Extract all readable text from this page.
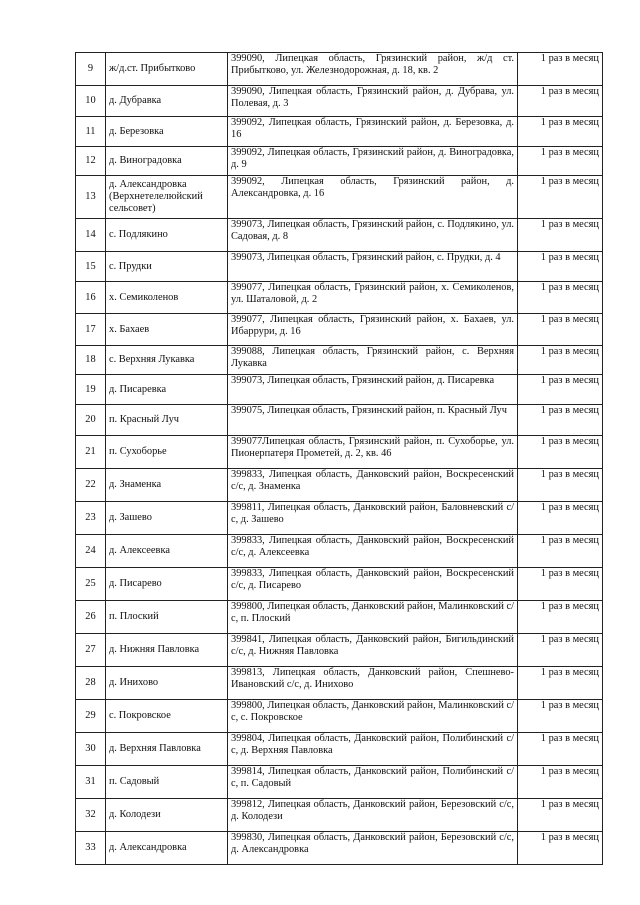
9	ж/д.ст. Прибытково	399090, Липецкая область, Грязинский район, ж/д ст. Прибытково, ул. Железнодорожная, д. 18, кв. 2	1 раз в месяц
10	д. Дубравка	399090, Липецкая область, Грязинский район, д. Дубрава, ул. Полевая, д. 3	1 раз в месяц
11	д. Березовка	399092, Липецкая область, Грязинский район, д. Березовка, д. 16	1 раз в месяц
12	д. Виноградовка	399092, Липецкая область, Грязинский район, д. Виноградовка, д. 9	1 раз в месяц
13	д. Александровка (Верхнетелелюйский сельсовет)	399092, Липецкая область, Грязинский район, д. Александровка, д. 16	1 раз в месяц
14	с. Подлякино	399073, Липецкая область, Грязинский район, с. Подлякино, ул. Садовая, д. 8	1 раз в месяц
15	с. Прудки	399073, Липецкая область, Грязинский район, с. Прудки, д. 4	1 раз в месяц
16	х. Семиколенов	399077, Липецкая область, Грязинский район, х. Семиколенов, ул. Шаталовой, д. 2	1 раз в месяц
17	х. Бахаев	399077, Липецкая область, Грязинский район, х. Бахаев, ул. Ибаррури, д. 16	1 раз в месяц
18	с. Верхняя Лукавка	399088, Липецкая область, Грязинский район, с. Верхняя Лукавка	1 раз в месяц
19	д. Писаревка	399073, Липецкая область, Грязинский район, д. Писаревка	1 раз в месяц
20	п. Красный Луч	399075, Липецкая область, Грязинский район, п. Красный Луч	1 раз в месяц
21	п. Сухоборье	399077Липецкая область, Грязинский район, п. Сухоборье, ул. Пионерпатеря Прометей, д. 2, кв. 46	1 раз в месяц
22	д. Знаменка	399833, Липецкая область, Данковский район, Воскресенский с/с, д. Знаменка	1 раз в месяц
23	д. Зашево	399811, Липецкая область, Данковский район, Баловневский с/с, д. Зашево	1 раз в месяц
24	д. Алексеевка	399833, Липецкая область, Данковский район, Воскресенский с/с, д. Алексеевка	1 раз в месяц
25	д. Писарево	399833, Липецкая область, Данковский район, Воскресенский с/с, д. Писарево	1 раз в месяц
26	п. Плоский	399800, Липецкая область, Данковский район, Малинковский с/с, п. Плоский	1 раз в месяц
27	д. Нижняя Павловка	399841, Липецкая область, Данковский район, Бигильдинский с/с, д. Нижняя Павловка	1 раз в месяц
28	д. Инихово	399813, Липецкая область, Данковский район, Спешнево-Ивановский с/с, д. Инихово	1 раз в месяц
29	с. Покровское	399800, Липецкая область, Данковский район, Малинковский с/с, с. Покровское	1 раз в месяц
30	д. Верхняя Павловка	399804, Липецкая область, Данковский район, Полибинский с/с, д. Верхняя Павловка	1 раз в месяц
31	п. Садовый	399814, Липецкая область, Данковский район, Полибинский с/с, п. Садовый	1 раз в месяц
32	д. Колодези	399812, Липецкая область, Данковский район, Березовский с/с, д. Колодези	1 раз в месяц
33	д. Александровка	399830, Липецкая область, Данковский район, Березовский с/с, д. Александровка	1 раз в месяц
